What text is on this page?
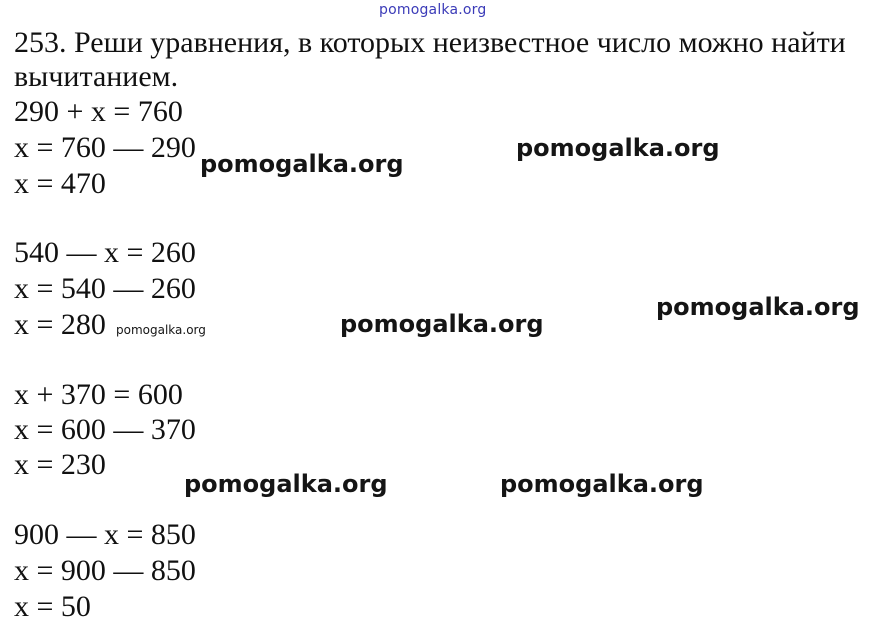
pomogalka.org
253. Реши уравнения, в которых неизвестное число можно найти вычитанием.
290 + x = 760
x = 760 — 290
x = 470
540 — x = 260
x = 540 — 260
x = 280
x + 370 = 600
x = 600 — 370
x = 230
900 — x = 850
x = 900 — 850
x = 50
pomogalka.org
pomogalka.org
pomogalka.org
pomogalka.org
pomogalka.org	pomogalka.org
pomogalka.org
